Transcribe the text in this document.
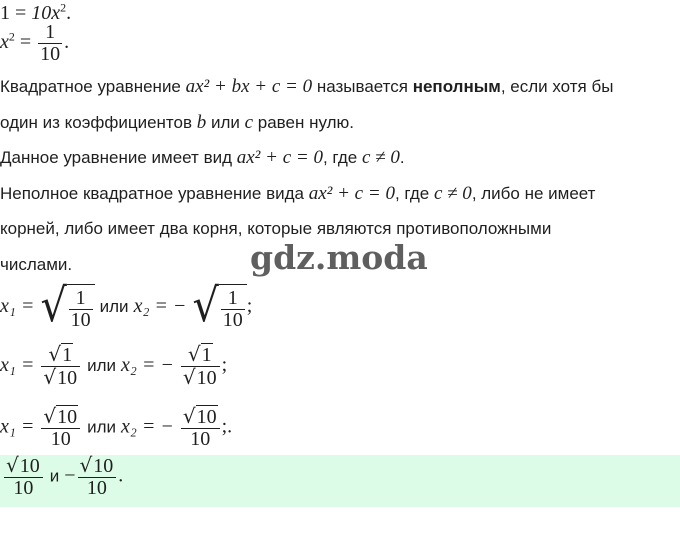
$1 = 10x^2$.
$x^2 = \frac{1}{10}$ .
Квадратное уравнение ax² + bx + c = 0 называется неполным, если хотя бы
один из коэффициентов b или c равен нулю.
Данное уравнение имеет вид ax² + c = 0, где c ≠ 0.
Неполное квадратное уравнение вида ax² + c = 0, где c ≠ 0, либо не имеет
корней, либо имеет два корня, которые являются противоположными
числами.	gdz.moda
x₁ = √ $\frac{1}{10}$ или x₂ = − √ $\frac{1}{10}$ ;
$x_1 = \frac{√1}{√10}$ или x₂ = − $\frac{√1}{√10}$ ;
$x_1 = \frac{√10}{10}$ или x₂ = − $\frac{√10}{10}$ ;.
$\frac{√10}{10}$ $и - \frac{√10}{10}$ .
